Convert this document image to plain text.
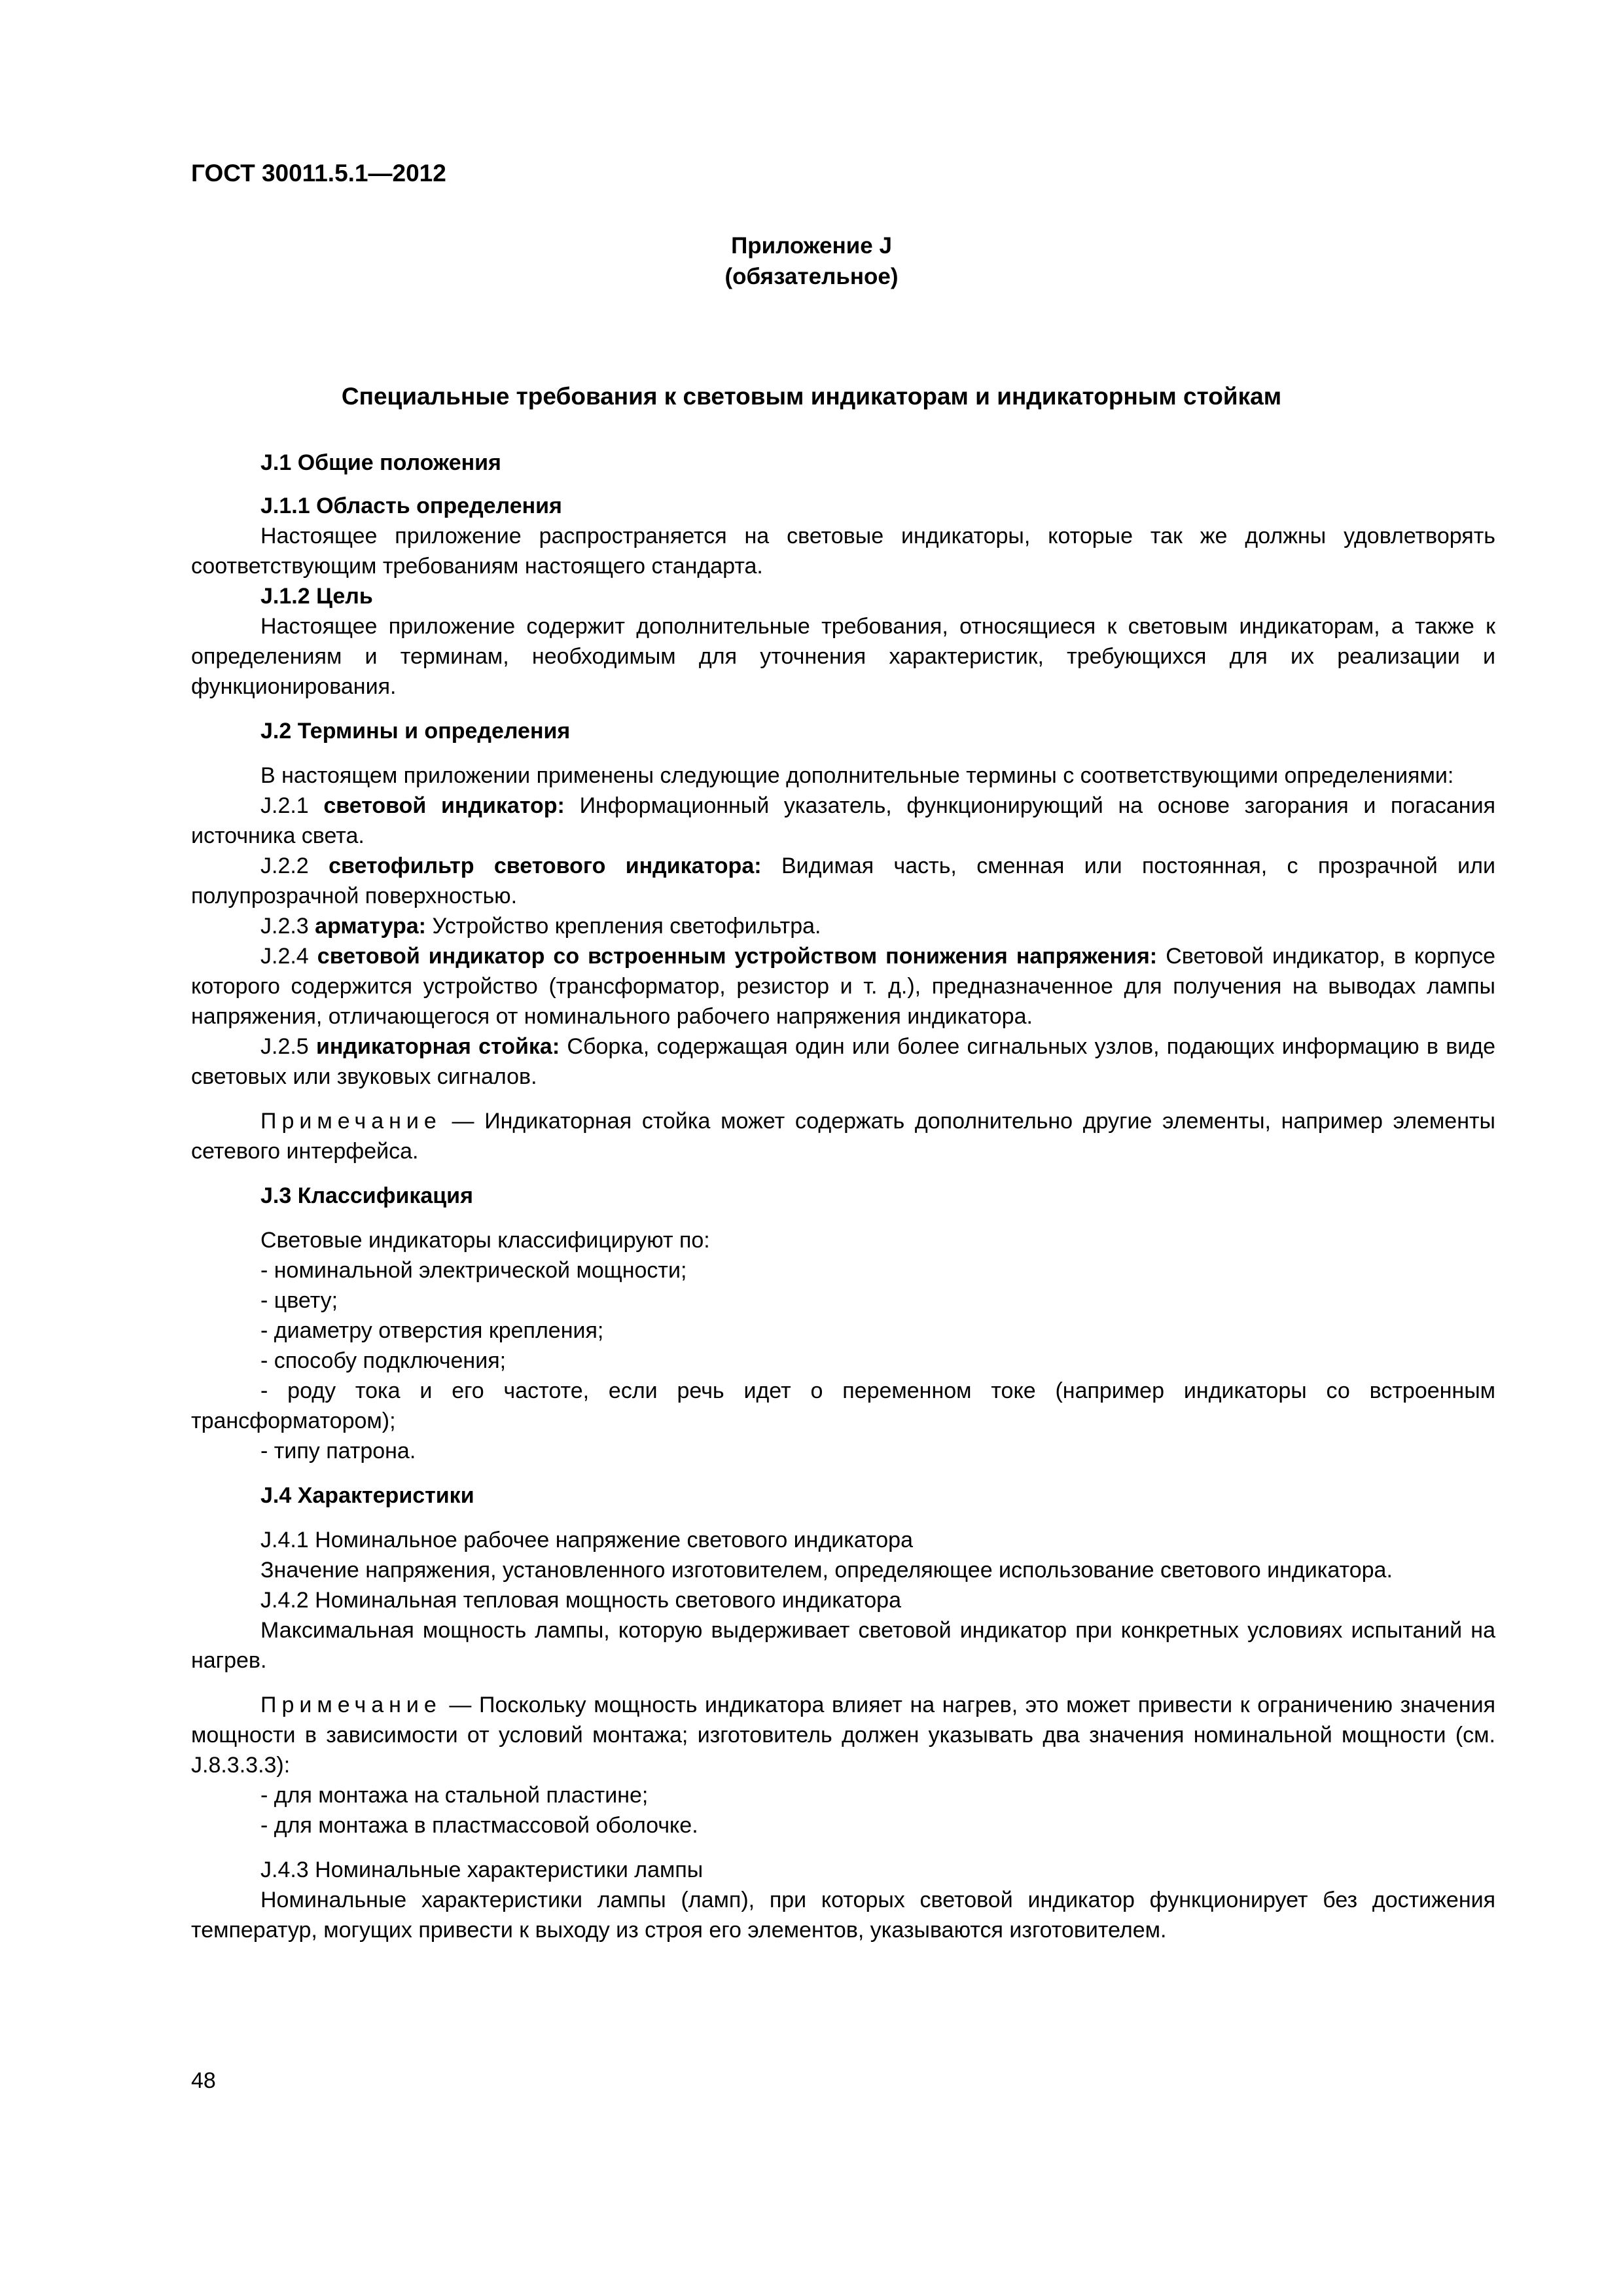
ГОСТ 30011.5.1—2012
Приложение J
(обязательное)
Специальные требования к световым индикаторам и индикаторным стойкам

J.1 Общие положения

J.1.1 Область определения

Настоящее приложение распространяется на световые индикаторы, которые так же должны удовлетворять соответствующим требованиям настоящего стандарта.

J.1.2 Цель

Настоящее приложение содержит дополнительные требования, относящиеся к световым индикаторам, а также к определениям и терминам, необходимым для уточнения характеристик, требующихся для их реализации и функционирования.

J.2 Термины и определения

В настоящем приложении применены следующие дополнительные термины с соответствующими определениями:

J.2.1 световой индикатор: Информационный указатель, функционирующий на основе загорания и погасания источника света.

J.2.2 светофильтр светового индикатора: Видимая часть, сменная или постоянная, с прозрачной или полупрозрачной поверхностью.

J.2.3 арматура: Устройство крепления светофильтра.

J.2.4 световой индикатор со встроенным устройством понижения напряжения: Световой индикатор, в корпусе которого содержится устройство (трансформатор, резистор и т. д.), предназначенное для получения на выводах лампы напряжения, отличающегося от номинального рабочего напряжения индикатора.

J.2.5 индикаторная стойка: Сборка, содержащая один или более сигнальных узлов, подающих информацию в виде световых или звуковых сигналов.

Примечание — Индикаторная стойка может содержать дополнительно другие элементы, например элементы сетевого интерфейса.

J.3 Классификация

Световые индикаторы классифицируют по:

- номинальной электрической мощности;

- цвету;

- диаметру отверстия крепления;

- способу подключения;

- роду тока и его частоте, если речь идет о переменном токе (например индикаторы со встроенным трансформатором);

- типу патрона.

J.4 Характеристики

J.4.1 Номинальное рабочее напряжение светового индикатора

Значение напряжения, установленного изготовителем, определяющее использование светового индикатора.

J.4.2 Номинальная тепловая мощность светового индикатора

Максимальная мощность лампы, которую выдерживает световой индикатор при конкретных условиях испытаний на нагрев.

Примечание — Поскольку мощность индикатора влияет на нагрев, это может привести к ограничению значения мощности в зависимости от условий монтажа; изготовитель должен указывать два значения номинальной мощности (см. J.8.3.3.3):

- для монтажа на стальной пластине;

- для монтажа в пластмассовой оболочке.

J.4.3 Номинальные характеристики лампы

Номинальные характеристики лампы (ламп), при которых световой индикатор функционирует без достижения температур, могущих привести к выходу из строя его элементов, указываются изготовителем.

48
